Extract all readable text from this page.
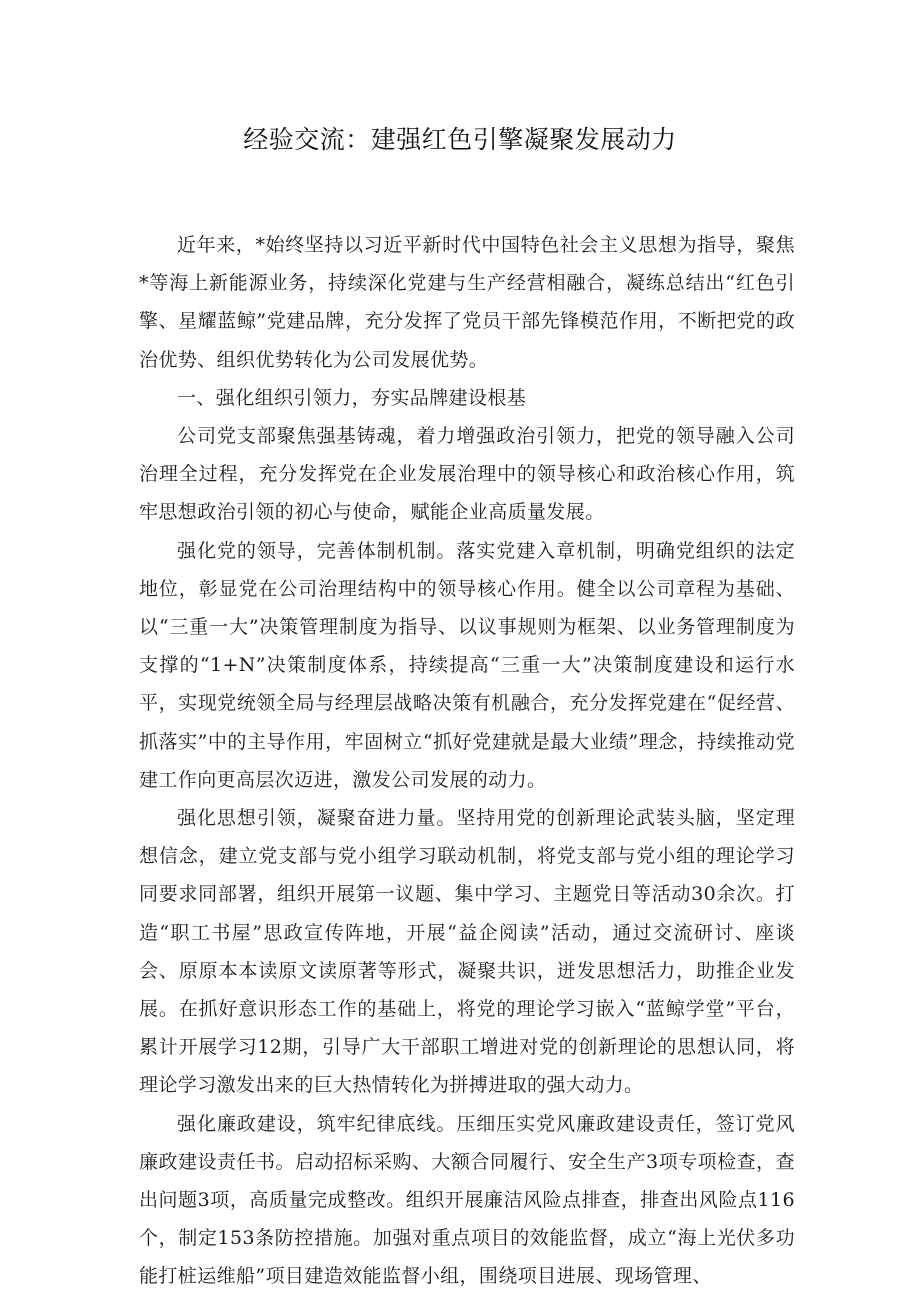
经验交流：建强红色引擎凝聚发展动力

近年来，*始终坚持以习近平新时代中国特色社会主义思想为指导，聚焦*等海上新能源业务，持续深化党建与生产经营相融合，凝练总结出“红色引擎、星耀蓝鲸”党建品牌，充分发挥了党员干部先锋模范作用，不断把党的政治优势、组织优势转化为公司发展优势。

一、强化组织引领力，夯实品牌建设根基

公司党支部聚焦强基铸魂，着力增强政治引领力，把党的领导融入公司治理全过程，充分发挥党在企业发展治理中的领导核心和政治核心作用，筑牢思想政治引领的初心与使命，赋能企业高质量发展。

强化党的领导，完善体制机制。落实党建入章机制，明确党组织的法定地位，彰显党在公司治理结构中的领导核心作用。健全以公司章程为基础、以“三重一大”决策管理制度为指导、以议事规则为框架、以业务管理制度为支撑的“1+N”决策制度体系，持续提高“三重一大”决策制度建设和运行水平，实现党统领全局与经理层战略决策有机融合，充分发挥党建在“促经营、抓落实”中的主导作用，牢固树立“抓好党建就是最大业绩”理念，持续推动党建工作向更高层次迈进，激发公司发展的动力。

强化思想引领，凝聚奋进力量。坚持用党的创新理论武装头脑，坚定理想信念，建立党支部与党小组学习联动机制，将党支部与党小组的理论学习同要求同部署，组织开展第一议题、集中学习、主题党日等活动30余次。打造“职工书屋”思政宣传阵地，开展“益企阅读”活动，通过交流研讨、座谈会、原原本本读原文读原著等形式，凝聚共识，迸发思想活力，助推企业发展。在抓好意识形态工作的基础上，将党的理论学习嵌入“蓝鲸学堂”平台，累计开展学习12期，引导广大干部职工增进对党的创新理论的思想认同，将理论学习激发出来的巨大热情转化为拼搏进取的强大动力。

强化廉政建设，筑牢纪律底线。压细压实党风廉政建设责任，签订党风廉政建设责任书。启动招标采购、大额合同履行、安全生产3项专项检查，查出问题3项，高质量完成整改。组织开展廉洁风险点排查，排查出风险点116个，制定153条防控措施。加强对重点项目的效能监督，成立“海上光伏多功能打桩运维船”项目建造效能监督小组，围绕项目进展、现场管理、
